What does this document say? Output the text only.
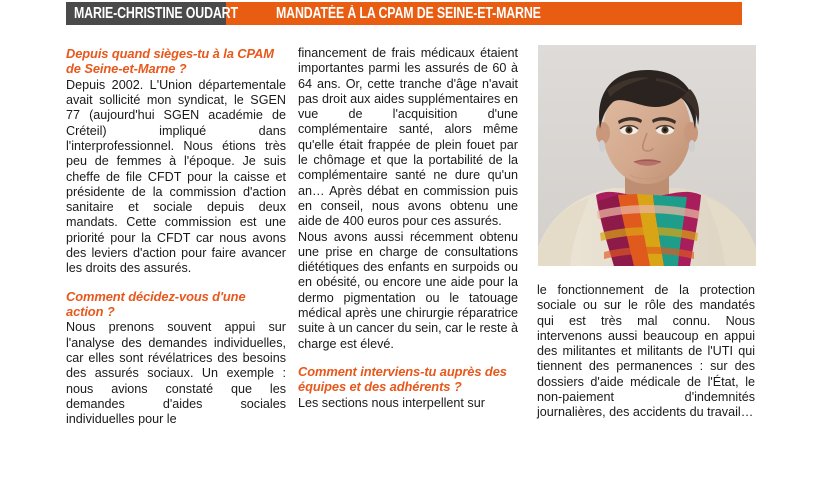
MARIE-CHRISTINE OUDART MANDATÉE À LA CPAM DE SEINE-ET-MARNE

Depuis quand sièges-tu à la CPAM de Seine-et-Marne ?

Depuis 2002. L'Union départementale avait sollicité mon syndicat, le SGEN 77 (aujourd'hui SGEN académie de Créteil) impliqué dans l'interprofessionnel. Nous étions très peu de femmes à l'époque. Je suis cheffe de file CFDT pour la caisse et présidente de la commission d'action sanitaire et sociale depuis deux mandats. Cette commission est une priorité pour la CFDT car nous avons des leviers d'action pour faire avancer les droits des assurés.

Comment décidez-vous d'une action ?

Nous prenons souvent appui sur l'analyse des demandes individuelles, car elles sont révélatrices des besoins des assurés sociaux. Un exemple : nous avions constaté que les demandes d'aides sociales individuelles pour le

financement de frais médicaux étaient importantes parmi les assurés de 60 à 64 ans. Or, cette tranche d'âge n'avait pas droit aux aides supplémentaires en vue de l'acquisition d'une complémentaire santé, alors même qu'elle était frappée de plein fouet par le chômage et que la portabilité de la complémentaire santé ne dure qu'un an… Après débat en commission puis en conseil, nous avons obtenu une aide de 400 euros pour ces assurés.

Nous avons aussi récemment obtenu une prise en charge de consultations diététiques des enfants en surpoids ou en obésité, ou encore une aide pour la dermo pigmentation ou le tatouage médical après une chirurgie réparatrice suite à un cancer du sein, car le reste à charge est élevé.

Comment interviens-tu auprès des équipes et des adhérents ?

Les sections nous interpellent sur

le fonctionnement de la protection sociale ou sur le rôle des mandatés qui est très mal connu. Nous intervenons aussi beaucoup en appui des militantes et militants de l'UTI qui tiennent des permanences : sur des dossiers d'aide médicale de l'État, le non-paiement d'indemnités journalières, des accidents du travail…
